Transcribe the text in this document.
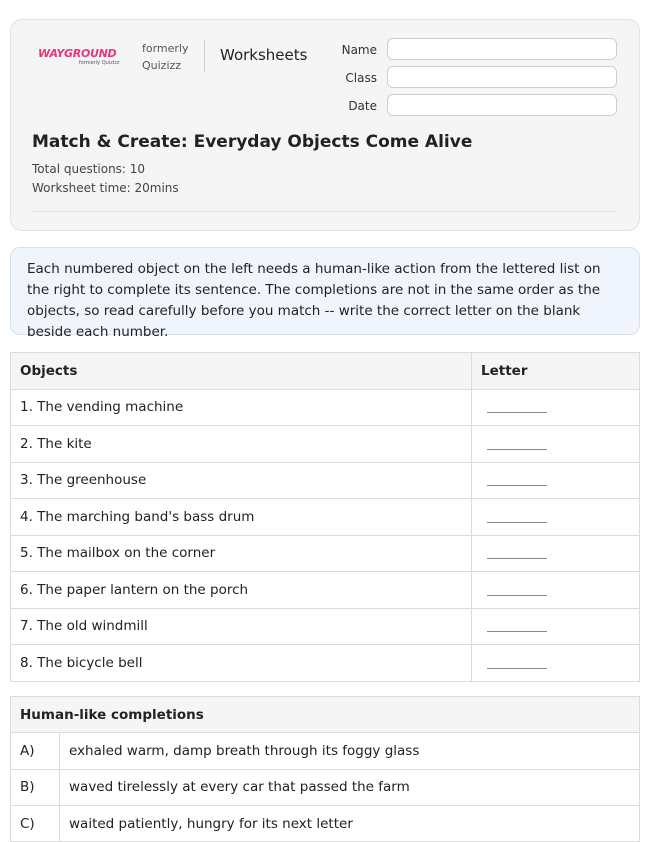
WAYGROUND
formerly Quizizz
formerly
Quizizz
Worksheets	Name
Class
Date
Match & Create: Everyday Objects Come Alive
Total questions: 10
Worksheet time: 20mins
Each numbered object on the left needs a human-like action from the lettered list on the right to complete its sentence. The completions are not in the same order as the objects, so read carefully before you match -- write the correct letter on the blank beside each number.
Objects	Letter
1. The vending machine	
2. The kite	
3. The greenhouse	
4. The marching band's bass drum	
5. The mailbox on the corner	
6. The paper lantern on the porch	
7. The old windmill	
8. The bicycle bell	
Human-like completions	
A)	exhaled warm, damp breath through its foggy glass
B)	waved tirelessly at every car that passed the farm
C)	waited patiently, hungry for its next letter
